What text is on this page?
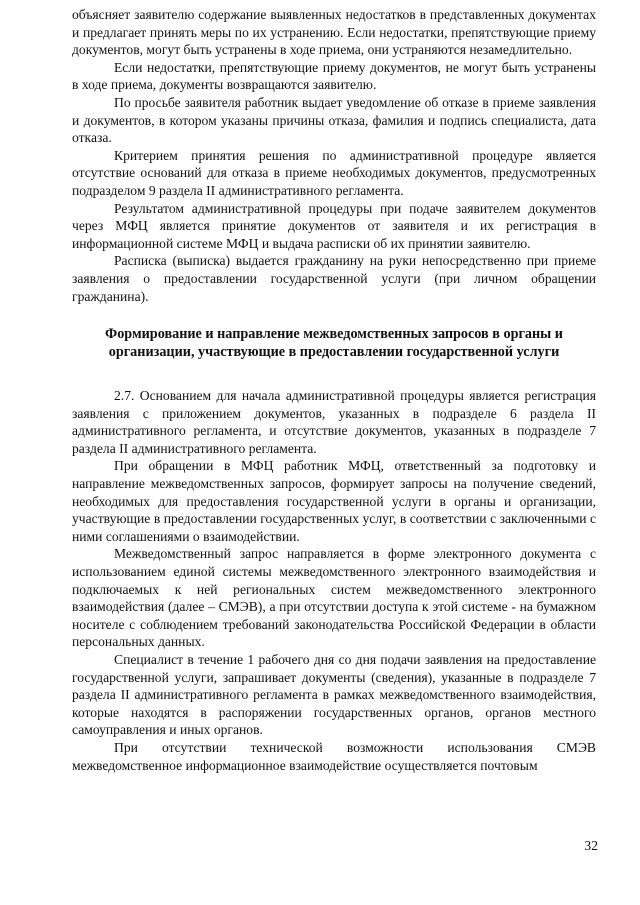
объясняет заявителю содержание выявленных недостатков в представленных документах и предлагает принять меры по их устранению. Если недостатки, препятствующие приему документов, могут быть устранены в ходе приема, они устраняются незамедлительно.

Если недостатки, препятствующие приему документов, не могут быть устранены в ходе приема, документы возвращаются заявителю.

По просьбе заявителя работник выдает уведомление об отказе в приеме заявления и документов, в котором указаны причины отказа, фамилия и подпись специалиста, дата отказа.

Критерием принятия решения по административной процедуре является отсутствие оснований для отказа в приеме необходимых документов, предусмотренных подразделом 9 раздела II административного регламента.

Результатом административной процедуры при подаче заявителем документов через МФЦ является принятие документов от заявителя и их регистрация в информационной системе МФЦ и выдача расписки об их принятии заявителю.

Расписка (выписка) выдается гражданину на руки непосредственно при приеме заявления о предоставлении государственной услуги (при личном обращении гражданина).

Формирование и направление межведомственных запросов в органы и
организации, участвующие в предоставлении государственной услуги

2.7. Основанием для начала административной процедуры является регистрация заявления с приложением документов, указанных в подразделе 6 раздела II административного регламента, и отсутствие документов, указанных в подразделе 7 раздела II административного регламента.

При обращении в МФЦ работник МФЦ, ответственный за подготовку и направление межведомственных запросов, формирует запросы на получение сведений, необходимых для предоставления государственной услуги в органы и организации, участвующие в предоставлении государственных услуг, в соответствии с заключенными с ними соглашениями о взаимодействии.

Межведомственный запрос направляется в форме электронного документа с использованием единой системы межведомственного электронного взаимодействия и подключаемых к ней региональных систем межведомственного электронного взаимодействия (далее – СМЭВ), а при отсутствии доступа к этой системе - на бумажном носителе с соблюдением требований законодательства Российской Федерации в области персональных данных.

Специалист в течение 1 рабочего дня со дня подачи заявления на предоставление государственной услуги, запрашивает документы (сведения), указанные в подразделе 7 раздела II административного регламента в рамках межведомственного взаимодействия, которые находятся в распоряжении государственных органов, органов местного самоуправления и иных органов.

При отсутствии технической возможности использования СМЭВ межведомственное информационное взаимодействие осуществляется почтовым

32
